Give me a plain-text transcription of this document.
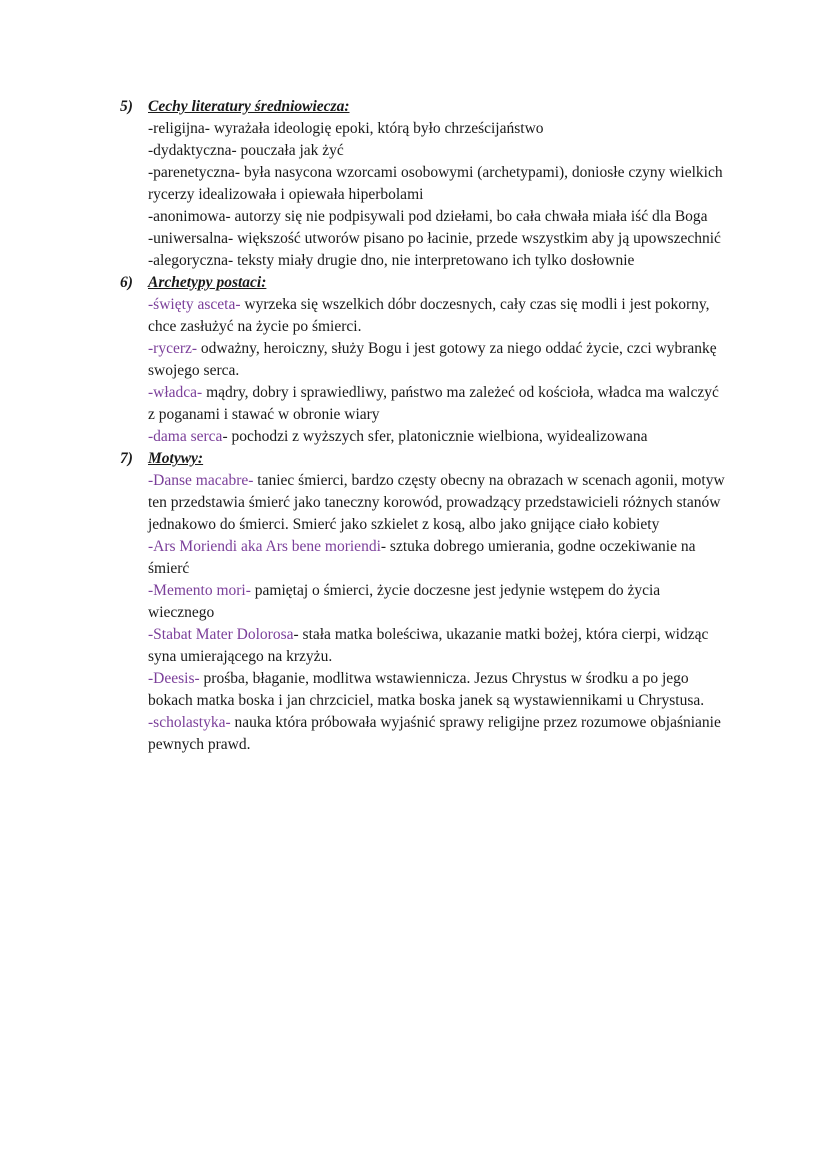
5) Cechy literatury średniowiecza:
-religijna- wyrażała ideologię epoki, którą było chrześcijaństwo
-dydaktyczna- pouczała jak żyć
-parenetyczna- była nasycona wzorcami osobowymi (archetypami), doniosłe czyny wielkich rycerzy idealizowała i opiewała hiperbolami
-anonimowa- autorzy się nie podpisywali pod dziełami, bo cała chwała miała iść dla Boga
-uniwersalna- większość utworów pisano po łacinie, przede wszystkim aby ją upowszechnić
-alegoryczna- teksty miały drugie dno, nie interpretowano ich tylko dosłownie
6) Archetypy postaci:
-święty asceta- wyrzeka się wszelkich dóbr doczesnych, cały czas się modli i jest pokorny, chce zasłużyć na życie po śmierci.
-rycerz- odważny, heroiczny, służy Bogu i jest gotowy za niego oddać życie, czci wybrankę swojego serca.
-władca- mądry, dobry i sprawiedliwy, państwo ma zależeć od kościoła, władca ma walczyć z poganami i stawać w obronie wiary
-dama serca- pochodzi z wyższych sfer, platonicznie wielbiona, wyidealizowana
7) Motywy:
-Danse macabre- taniec śmierci, bardzo częsty obecny na obrazach w scenach agonii, motyw ten przedstawia śmierć jako taneczny korowód, prowadzący przedstawicieli różnych stanów jednakowo do śmierci. Smierć jako szkielet z kosą, albo jako gnijące ciało kobiety
-Ars Moriendi aka Ars bene moriendi- sztuka dobrego umierania, godne oczekiwanie na śmierć
-Memento mori- pamiętaj o śmierci, życie doczesne jest jedynie wstępem do życia wiecznego
-Stabat Mater Dolorosa- stała matka boleściwa, ukazanie matki bożej, która cierpi, widząc syna umierającego na krzyżu.
-Deesis- prośba, błaganie, modlitwa wstawiennicza. Jezus Chrystus w środku a po jego bokach matka boska i jan chrzciciel, matka boska janek są wystawiennikami u Chrystusa.
-scholastyka- nauka która próbowała wyjaśnić sprawy religijne przez rozumowe objaśnianie pewnych prawd.
